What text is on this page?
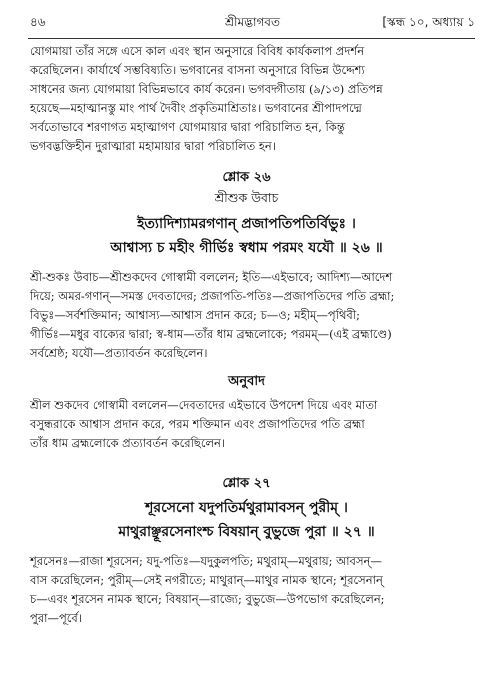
৪৬	শ্রীমদ্ভাগবত	[স্কন্ধ ১০, অধ্যায় ১
যোগমায়া তাঁর সঙ্গে এসে কাল এবং স্থান অনুসারে বিবিধ কার্যকলাপ প্রদর্শন
করেছিলেন। কার্যার্থে সম্ভবিষ্যতি। ভগবানের বাসনা অনুসারে বিভিন্ন উদ্দেশ্য
সাধনের জন্য যোগমায়া বিভিন্নভাবে কার্য করেন। ভগবদ্গীতায় (৯/১৩) প্রতিপন্ন
হয়েছে—মহাত্মানস্তু মাং পার্থ দৈবীং প্রকৃতিমাশ্রিতাঃ। ভগবানের শ্রীপাদপদ্মে
সর্বতোভাবে শরণাগত মহাত্মাগণ যোগমায়ার দ্বারা পরিচালিত হন, কিন্তু
ভগবদ্ভক্তিহীন দুরাত্মারা মহামায়ার দ্বারা পরিচালিত হন।
শ্লোক ২৬
শ্রীশুক উবাচ
ইত্যাদিশ্যামরগণান্ প্রজাপতিপতির্বিভুঃ ।
আশ্বাস্য চ মহীং গীর্ভিঃ স্বধাম পরমং যযৌ ॥ ২৬ ॥
শ্রী-শুকঃ উবাচ—শ্রীশুকদেব গোস্বামী বললেন; ইতি—এইভাবে; আদিশ্য—আদেশ
দিয়ে; অমর-গণান্—সমস্ত দেবতাদের; প্রজাপতি-পতিঃ—প্রজাপতিদের পতি ব্রহ্মা;
বিভুঃ—সর্বশক্তিমান; আশ্বাস্য—আশ্বাস প্রদান করে; চ—ও; মহীম্—পৃথিবী;
গীর্ভিঃ—মধুর বাক্যের দ্বারা; স্ব-ধাম—তাঁর ধাম ব্রহ্মলোকে; পরমম্—(এই ব্রহ্মাণ্ডে)
সর্বশ্রেষ্ঠ; যযৌ—প্রত্যাবর্তন করেছিলেন।
অনুবাদ
শ্রীল শুকদেব গোস্বামী বললেন—দেবতাদের এইভাবে উপদেশ দিয়ে এবং মাতা
বসুন্ধরাকে আশ্বাস প্রদান করে, পরম শক্তিমান এবং প্রজাপতিদের পতি ব্রহ্মা
তাঁর ধাম ব্রহ্মলোকে প্রত্যাবর্তন করেছিলেন।
শ্লোক ২৭
শূরসেনো যদুপতির্মথুরামাবসন্ পুরীম্ ।
মাথুরাঞ্ছূরসেনাংশ্চ বিষয়ান্ বুভুজে পুরা ॥ ২৭ ॥
শূরসেনঃ—রাজা শূরসেন; যদু-পতিঃ—যদুকুলপতি; মথুরাম্—মথুরায়; আবসন্—
বাস করেছিলেন; পুরীম্—সেই নগরীতে; মাথুরান্—মাথুর নামক স্থানে; শূরসেনান্
চ—এবং শূরসেন নামক স্থানে; বিষয়ান্—রাজ্যে; বুভুজে—উপভোগ করেছিলেন;
পুরা—পূর্বে।
